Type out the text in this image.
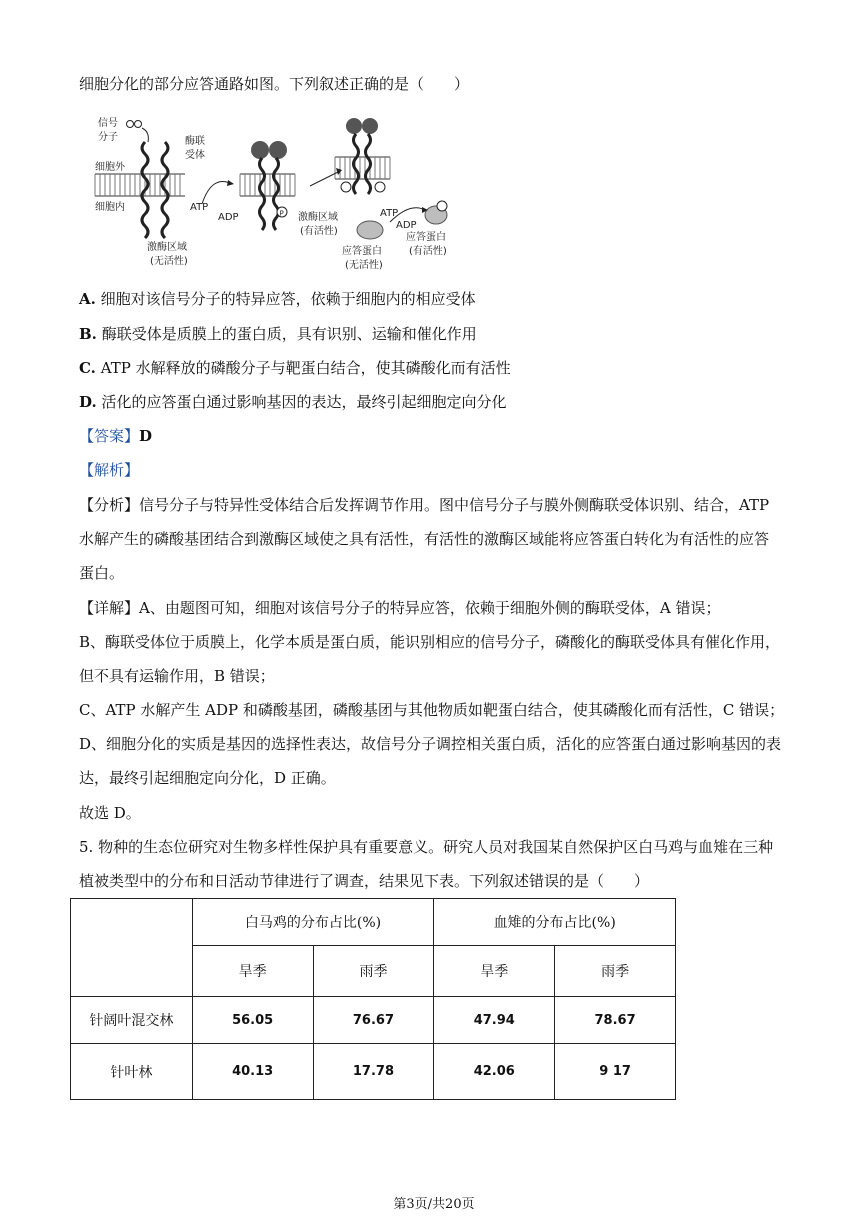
细胞分化的部分应答通路如图。下列叙述正确的是（　　）
P
信号
分子	酶联
受体
细胞外
细胞内	ATP
ADP
激酶区域
(无活性)
激酶区域
(有活性)
ATP
ADP
应答蛋白
(无活性)
应答蛋白
(有活性)
A. 细胞对该信号分子的特异应答，依赖于细胞内的相应受体
B. 酶联受体是质膜上的蛋白质，具有识别、运输和催化作用
C. ATP 水解释放的磷酸分子与靶蛋白结合，使其磷酸化而有活性
D. 活化的应答蛋白通过影响基因的表达，最终引起细胞定向分化
【答案】D
【解析】
【分析】信号分子与特异性受体结合后发挥调节作用。图中信号分子与膜外侧酶联受体识别、结合，ATP
水解产生的磷酸基团结合到激酶区域使之具有活性，有活性的激酶区域能将应答蛋白转化为有活性的应答
蛋白。
【详解】A、由题图可知，细胞对该信号分子的特异应答，依赖于细胞外侧的酶联受体，A 错误；
B、酶联受体位于质膜上，化学本质是蛋白质，能识别相应的信号分子，磷酸化的酶联受体具有催化作用，
但不具有运输作用，B 错误；
C、ATP 水解产生 ADP 和磷酸基团，磷酸基团与其他物质如靶蛋白结合，使其磷酸化而有活性，C 错误；
D、细胞分化的实质是基因的选择性表达，故信号分子调控相关蛋白质，活化的应答蛋白通过影响基因的表
达，最终引起细胞定向分化，D 正确。
故选 D。
5. 物种的生态位研究对生物多样性保护具有重要意义。研究人员对我国某自然保护区白马鸡与血雉在三种
植被类型中的分布和日活动节律进行了调查，结果见下表。下列叙述错误的是（　　）
	白马鸡的分布占比(%)		血雉的分布占比(%)	
	旱季	雨季	旱季	雨季
针阔叶混交林	56.05	76.67	47.94	78.67
针叶林	40.13	17.78	42.06	9 17
第3页/共20页
